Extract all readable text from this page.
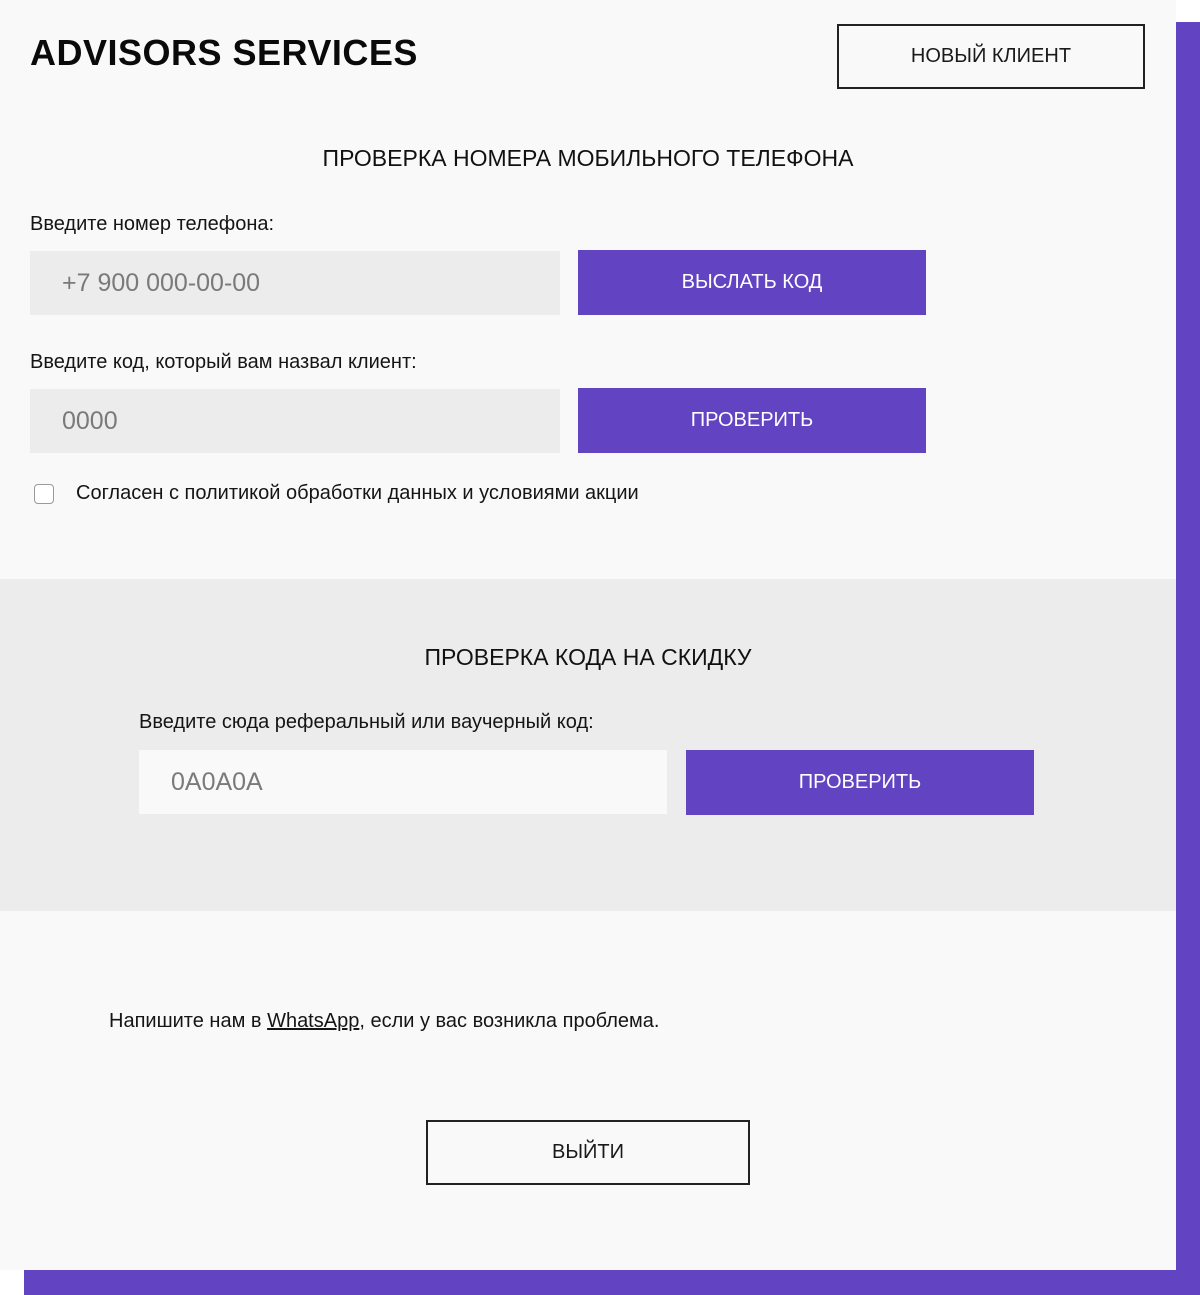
ADVISORS SERVICES	НОВЫЙ КЛИЕНТ
ПРОВЕРКА НОМЕРА МОБИЛЬНОГО ТЕЛЕФОНА
Введите номер телефона:
+7 900 000-00-00
ВЫСЛАТЬ КОД
Введите код, который вам назвал клиент:
0000
ПРОВЕРИТЬ
Согласен с политикой обработки данных и условиями акции
ПРОВЕРКА КОДА НА СКИДКУ
Введите сюда реферальный или ваучерный код:
0A0A0A
ПРОВЕРИТЬ
Напишите нам в WhatsApp, если у вас возникла проблема.
ВЫЙТИ
